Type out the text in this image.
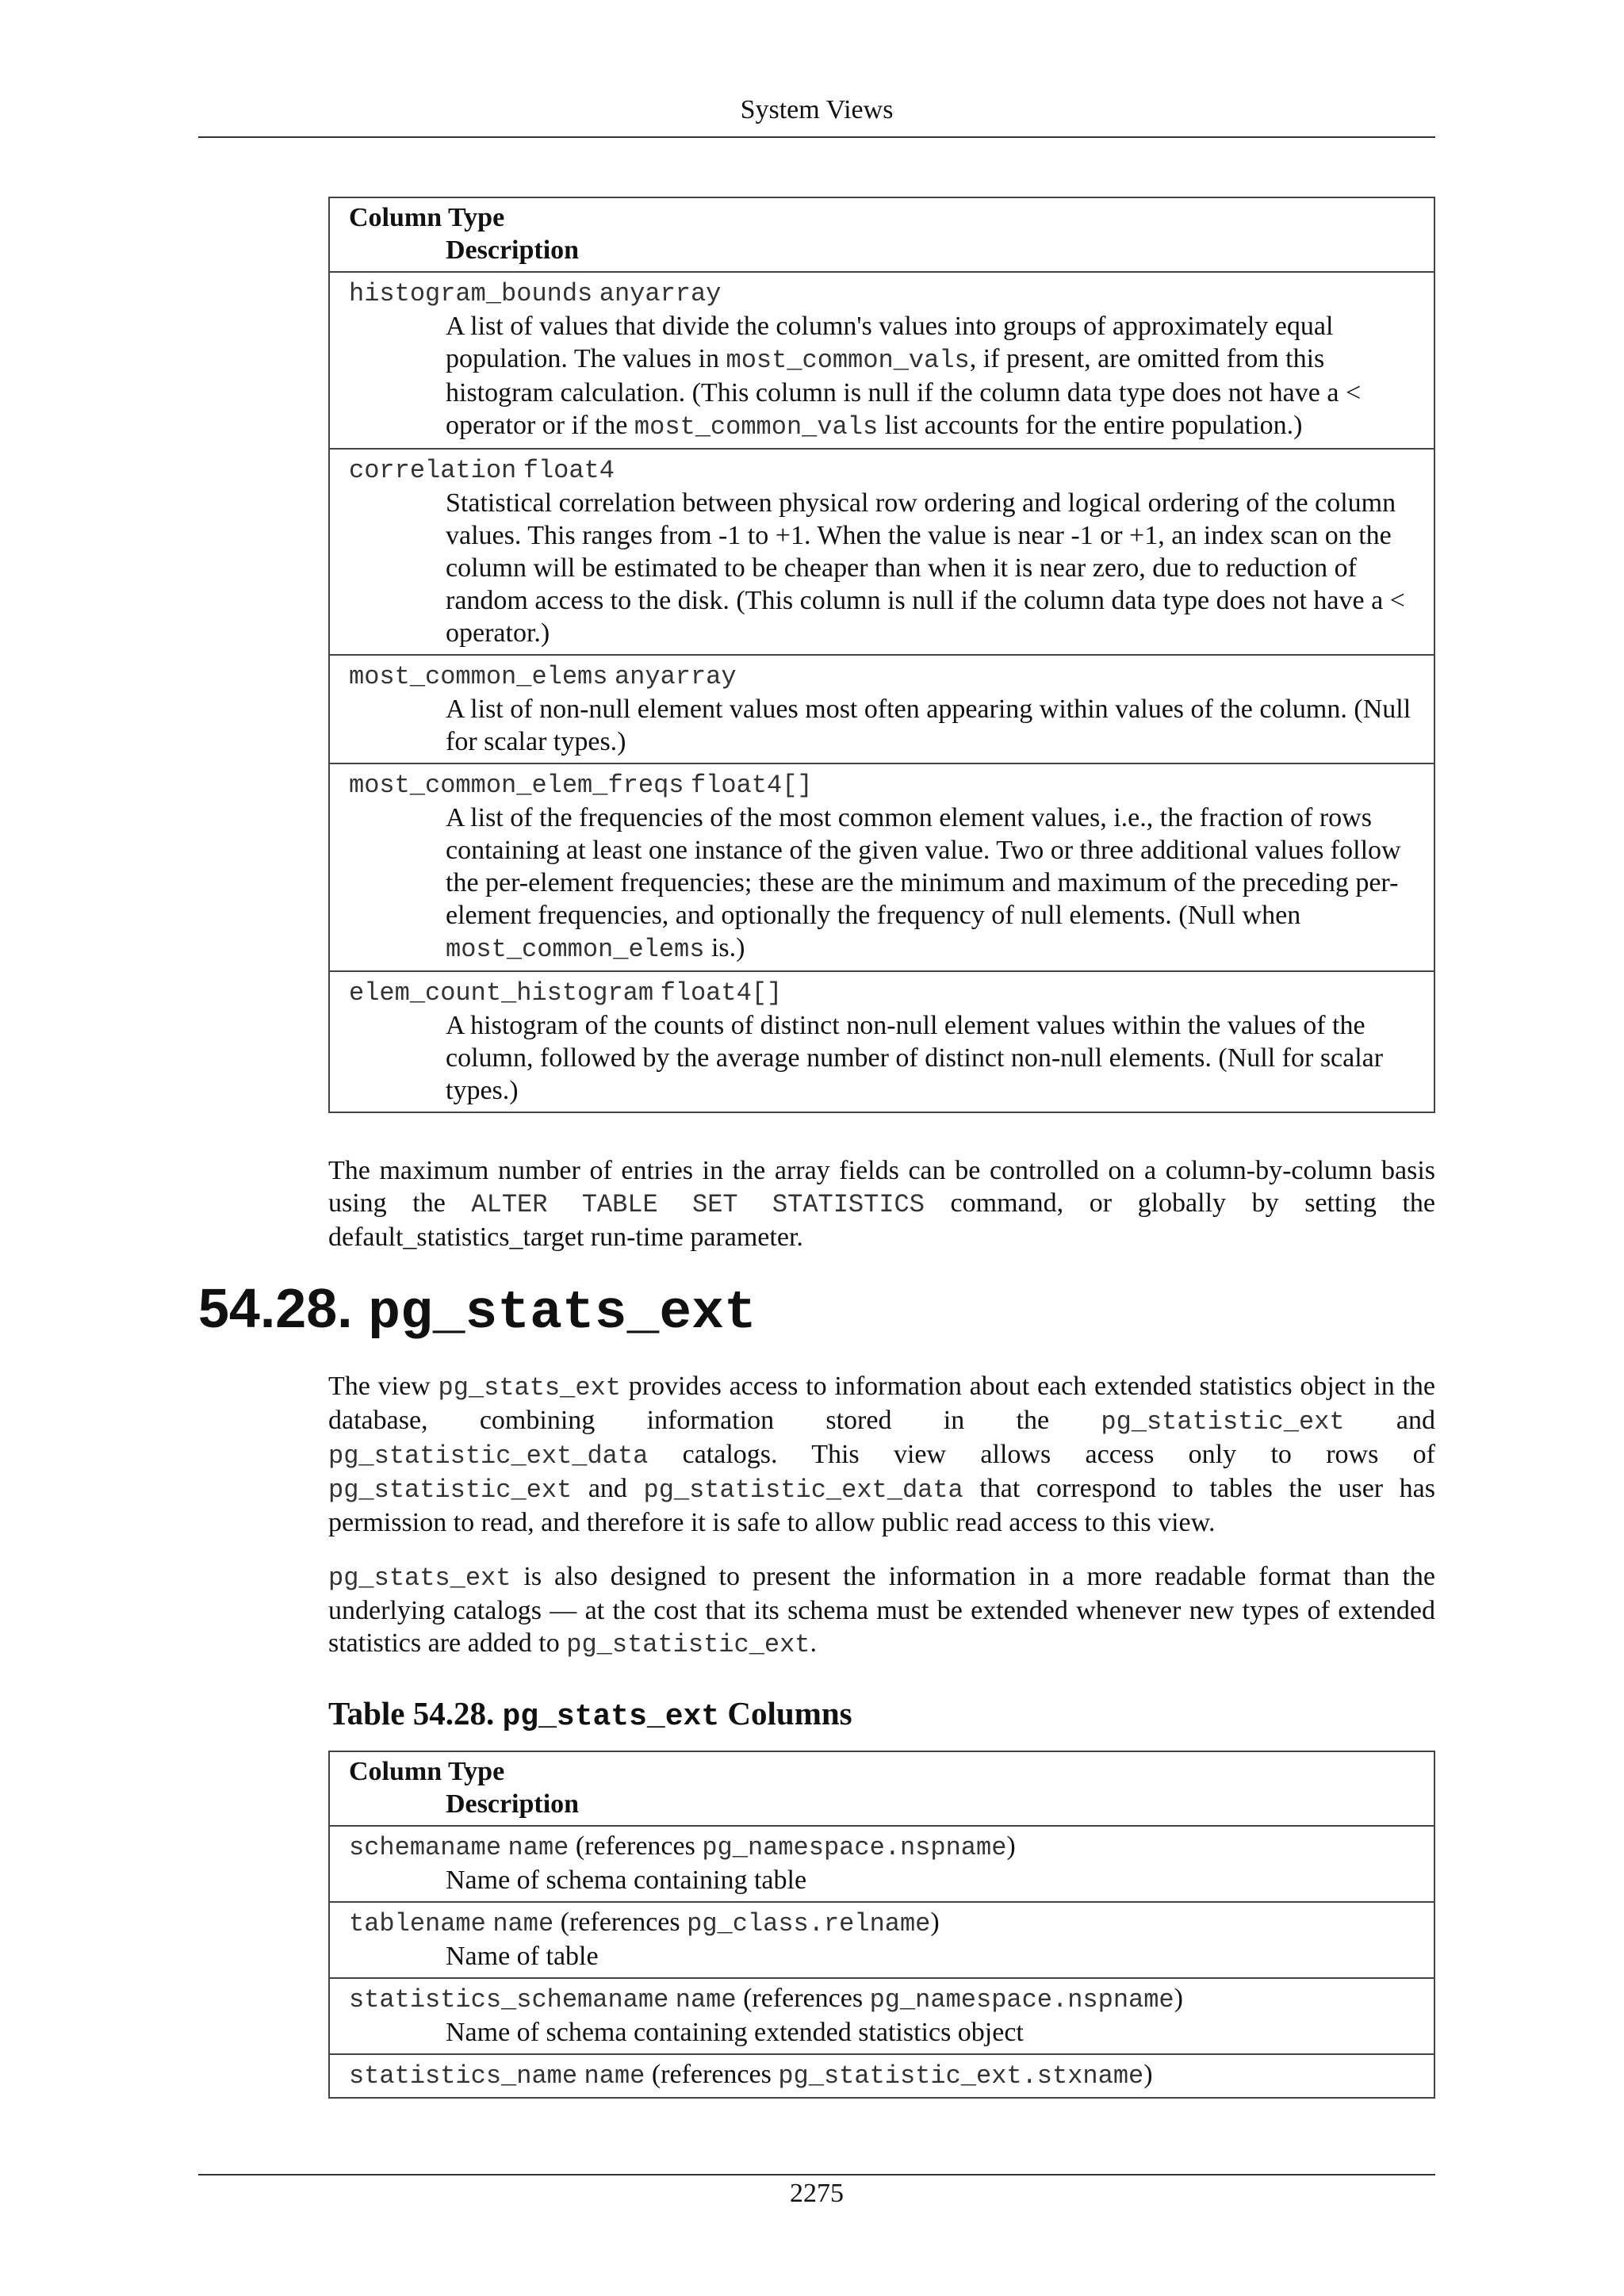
System Views
Column Type
Description

histogram_bounds anyarray
A list of values that divide the column's values into groups of approximately equal population. The values in most_common_vals, if present, are omitted from this histogram calculation. (This column is null if the column data type does not have a < operator or if the most_common_vals list accounts for the entire population.)

correlation float4
Statistical correlation between physical row ordering and logical ordering of the column values. This ranges from -1 to +1. When the value is near -1 or +1, an index scan on the column will be estimated to be cheaper than when it is near zero, due to reduction of random access to the disk. (This column is null if the column data type does not have a < operator.)

most_common_elems anyarray
A list of non-null element values most often appearing within values of the column. (Null for scalar types.)

most_common_elem_freqs float4[]
A list of the frequencies of the most common element values, i.e., the fraction of rows containing at least one instance of the given value. Two or three additional values follow the per-element frequencies; these are the minimum and maximum of the preceding per-element frequencies, and optionally the frequency of null elements. (Null when most_common_elems is.)

elem_count_histogram float4[]
A histogram of the counts of distinct non-null element values within the values of the column, followed by the average number of distinct non-null elements. (Null for scalar types.)

The maximum number of entries in the array fields can be controlled on a column-by-column basis using the ALTER TABLE SET STATISTICS command, or globally by setting the default_statistics_target run-time parameter.

54.28. pg_stats_ext

The view pg_stats_ext provides access to information about each extended statistics object in the database, combining information stored in the pg_statistic_ext and pg_statistic_ext_data catalogs. This view allows access only to rows of pg_statistic_ext and pg_statistic_ext_data that correspond to tables the user has permission to read, and therefore it is safe to allow public read access to this view.

pg_stats_ext is also designed to present the information in a more readable format than the underlying catalogs — at the cost that its schema must be extended whenever new types of extended statistics are added to pg_statistic_ext.

Table 54.28. pg_stats_ext Columns
Column Type
Description

schemaname name (references pg_namespace.nspname)
Name of schema containing table

tablename name (references pg_class.relname)
Name of table

statistics_schemaname name (references pg_namespace.nspname)
Name of schema containing extended statistics object

statistics_name name (references pg_statistic_ext.stxname)
2275
